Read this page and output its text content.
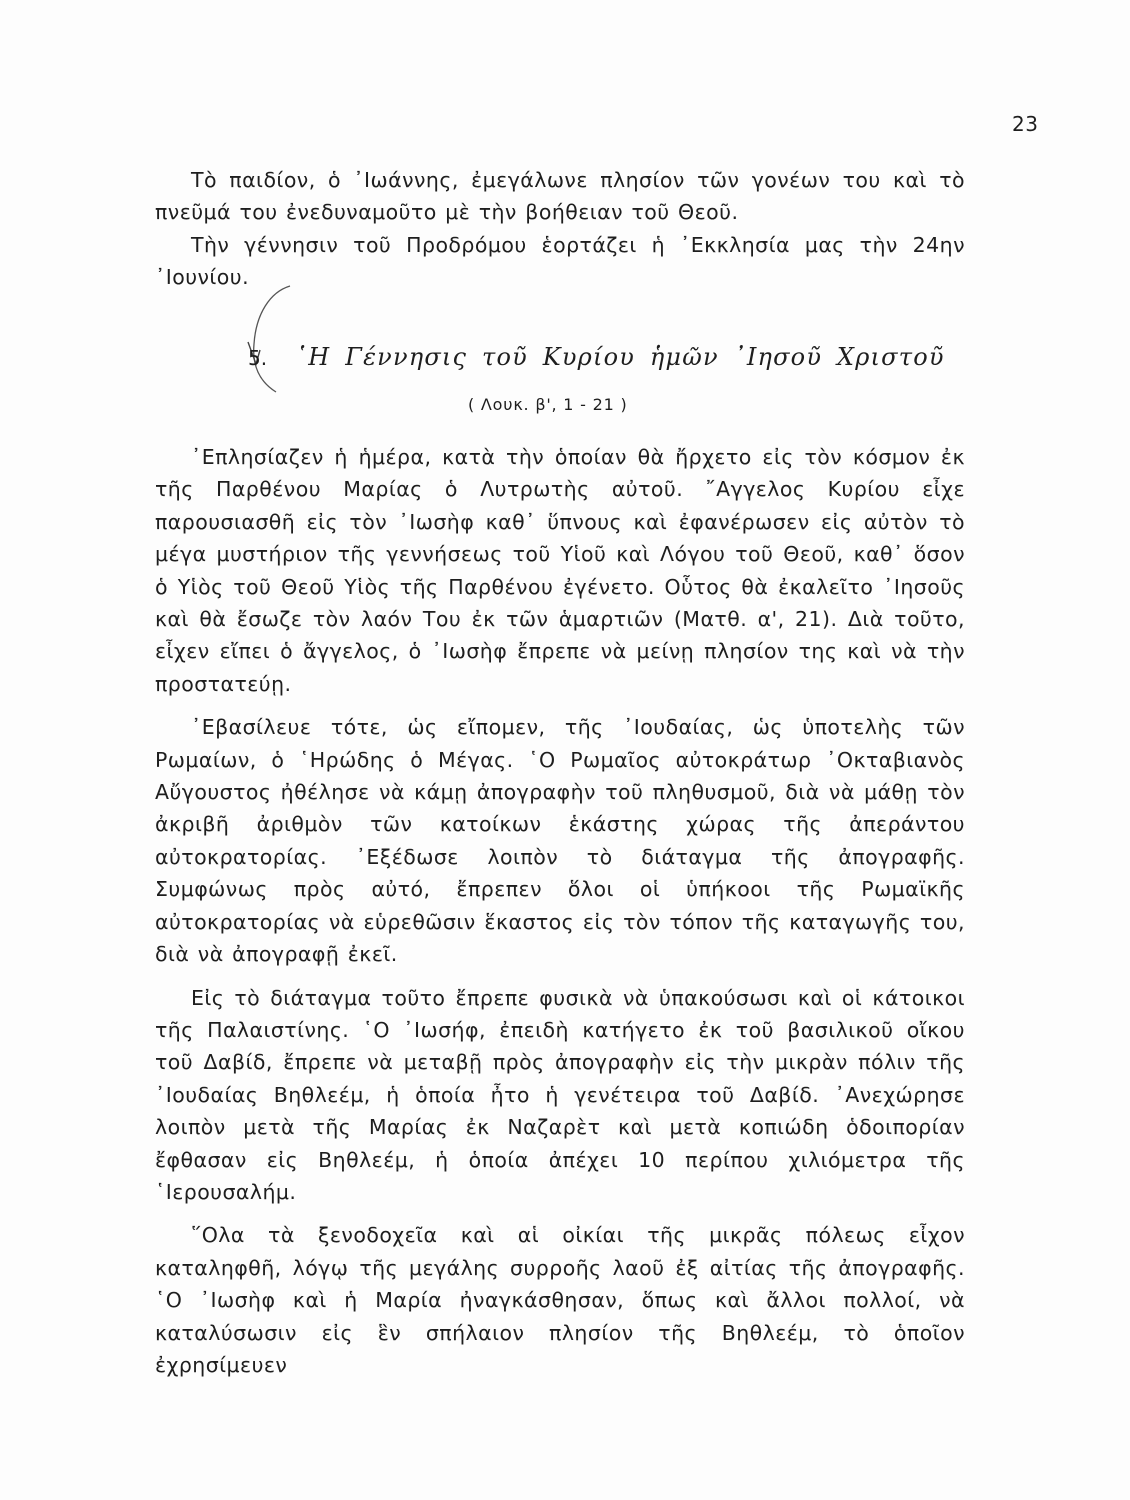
23

Τὸ παιδίον, ὁ ᾿Ιωάννης, ἐμεγάλωνε πλησίον τῶν γονέων του καὶ τὸ πνεῦμά του ἐνεδυναμοῦτο μὲ τὴν βοήθειαν τοῦ Θεοῦ.

Τὴν γέννησιν τοῦ Προδρόμου ἑορτάζει ἡ ᾿Εκκλησία μας τὴν 24ην ᾿Ιουνίου.

5. ῾Η Γέννησις τοῦ Κυρίου ἡμῶν ᾿Ιησοῦ Χριστοῦ
( Λουκ. β', 1 - 21 )

᾿Επλησίαζεν ἡ ἡμέρα, κατὰ τὴν ὁποίαν θὰ ἤρχετο εἰς τὸν κόσμον ἐκ τῆς Παρθένου Μαρίας ὁ Λυτρωτὴς αὐτοῦ. ῎Αγγελος Κυρίου εἶχε παρουσιασθῆ εἰς τὸν ᾿Ιωσὴφ καθ᾿ ὕπνους καὶ ἐφανέρωσεν εἰς αὐτὸν τὸ μέγα μυστήριον τῆς γεννήσεως τοῦ Υἱοῦ καὶ Λόγου τοῦ Θεοῦ, καθ᾿ ὅσον ὁ Υἱὸς τοῦ Θεοῦ Υἱὸς τῆς Παρθένου ἐγένετο. Οὗτος θὰ ἐκαλεῖτο ᾿Ιησοῦς καὶ θὰ ἔσωζε τὸν λαόν Του ἐκ τῶν ἁμαρτιῶν (Ματθ. α', 21). Διὰ τοῦτο, εἶχεν εἴπει ὁ ἄγγελος, ὁ ᾿Ιωσὴφ ἔπρεπε νὰ μείνῃ πλησίον της καὶ νὰ τὴν προστατεύῃ.

᾿Εβασίλευε τότε, ὡς εἴπομεν, τῆς ᾿Ιουδαίας, ὡς ὑποτελὴς τῶν Ρωμαίων, ὁ ῾Ηρώδης ὁ Μέγας. ῾Ο Ρωμαῖος αὐτοκράτωρ ᾿Οκταβιανὸς Αὔγουστος ἠθέλησε νὰ κάμῃ ἀπογραφὴν τοῦ πληθυσμοῦ, διὰ νὰ μάθῃ τὸν ἀκριβῆ ἀριθμὸν τῶν κατοίκων ἑκάστης χώρας τῆς ἀπεράντου αὐτοκρατορίας. ᾿Εξέδωσε λοιπὸν τὸ διάταγμα τῆς ἀπογραφῆς. Συμφώνως πρὸς αὐτό, ἔπρεπεν ὅλοι οἱ ὑπήκοοι τῆς Ρωμαϊκῆς αὐτοκρατορίας νὰ εὑρεθῶσιν ἕκαστος εἰς τὸν τόπον τῆς καταγωγῆς του, διὰ νὰ ἀπογραφῇ ἐκεῖ.

Εἰς τὸ διάταγμα τοῦτο ἔπρεπε φυσικὰ νὰ ὑπακούσωσι καὶ οἱ κάτοικοι τῆς Παλαιστίνης. ῾Ο ᾿Ιωσήφ, ἐπειδὴ κατήγετο ἐκ τοῦ βασιλικοῦ οἴκου τοῦ Δαβίδ, ἔπρεπε νὰ μεταβῇ πρὸς ἀπογραφὴν εἰς τὴν μικρὰν πόλιν τῆς ᾿Ιουδαίας Βηθλεέμ, ἡ ὁποία ἦτο ἡ γενέτειρα τοῦ Δαβίδ. ᾿Ανεχώρησε λοιπὸν μετὰ τῆς Μαρίας ἐκ Ναζαρὲτ καὶ μετὰ κοπιώδη ὁδοιπορίαν ἔφθασαν εἰς Βηθλεέμ, ἡ ὁποία ἀπέχει 10 περίπου χιλιόμετρα τῆς ῾Ιερουσαλήμ.

῞Ολα τὰ ξενοδοχεῖα καὶ αἱ οἰκίαι τῆς μικρᾶς πόλεως εἶχον καταληφθῆ, λόγῳ τῆς μεγάλης συρροῆς λαοῦ ἐξ αἰτίας τῆς ἀπογραφῆς. ῾Ο ᾿Ιωσὴφ καὶ ἡ Μαρία ἠναγκάσθησαν, ὅπως καὶ ἄλλοι πολλοί, νὰ καταλύσωσιν εἰς ἓν σπήλαιον πλησίον τῆς Βηθλεέμ, τὸ ὁποῖον ἐχρησίμευεν
